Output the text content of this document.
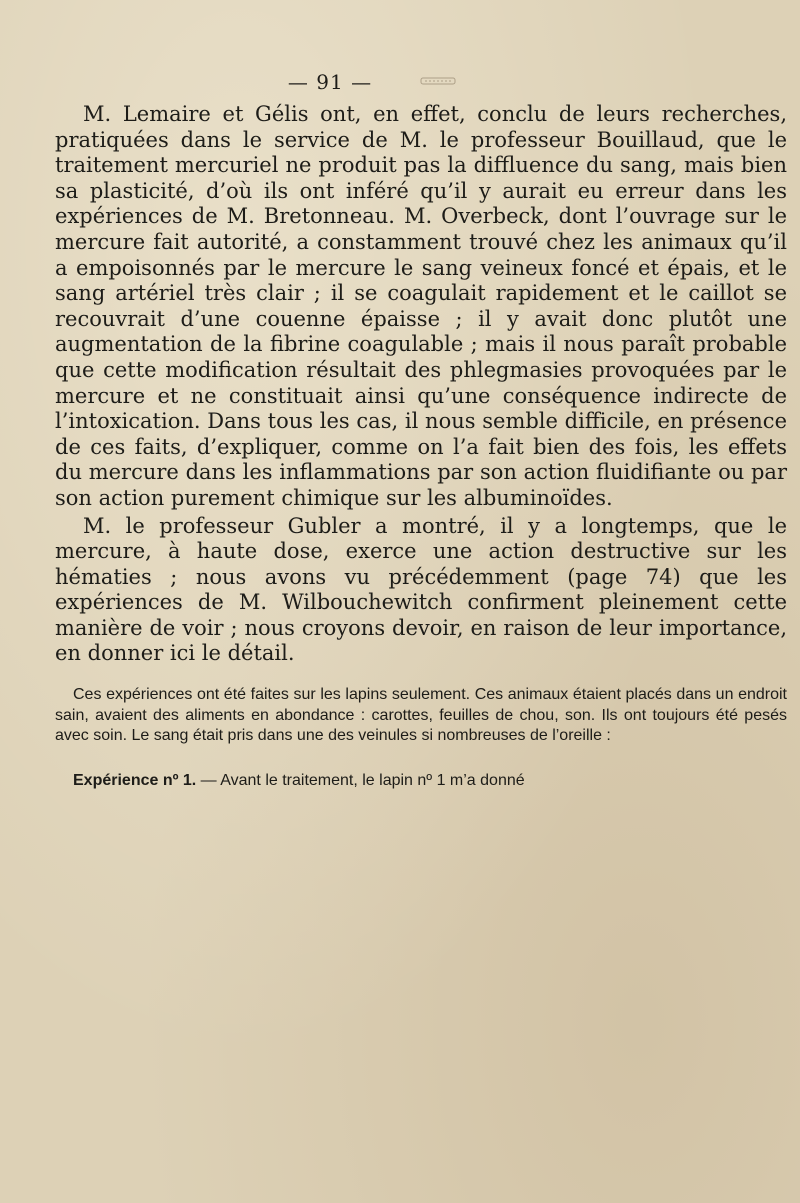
— 91 —

M. Lemaire et Gélis ont, en effet, conclu de leurs recherches, pratiquées dans le service de M. le professeur Bouillaud, que le traitement mercuriel ne produit pas la diffluence du sang, mais bien sa plasticité, d’où ils ont inféré qu’il y aurait eu erreur dans les expériences de M. Bretonneau. M. Overbeck, dont l’ouvrage sur le mercure fait autorité, a constamment trouvé chez les animaux qu’il a empoisonnés par le mercure le sang veineux foncé et épais, et le sang artériel très clair ; il se coagulait rapidement et le caillot se recouvrait d’une couenne épaisse ; il y avait donc plutôt une augmentation de la fibrine coagulable ; mais il nous paraît probable que cette modification résultait des phlegmasies provoquées par le mercure et ne constituait ainsi qu’une conséquence indirecte de l’intoxication. Dans tous les cas, il nous semble difficile, en présence de ces faits, d’expliquer, comme on l’a fait bien des fois, les effets du mercure dans les inflammations par son action fluidifiante ou par son action purement chimique sur les albuminoïdes.

M. le professeur Gubler a montré, il y a longtemps, que le mercure, à haute dose, exerce une action destructive sur les hématies ; nous avons vu précédemment (page 74) que les expériences de M. Wilbouchewitch confirment pleinement cette manière de voir ; nous croyons devoir, en raison de leur importance, en donner ici le détail.

Ces expériences ont été faites sur les lapins seulement. Ces animaux étaient placés dans un endroit sain, avaient des aliments en abondance : carottes, feuilles de chou, son. Ils ont toujours été pesés avec soin. Le sang était pris dans une des veinules si nombreuses de l’oreille :

Expérience nº 1. — Avant le traitement, le lapin nº 1 m’a donné
